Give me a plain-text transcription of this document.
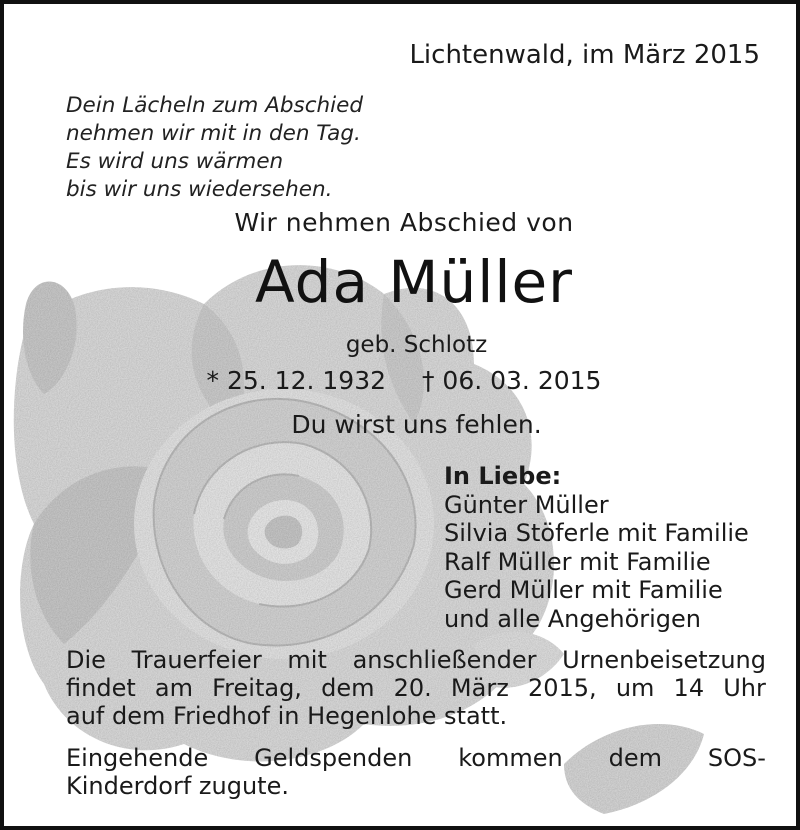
Lichtenwald, im März 2015
Dein Lächeln zum Abschied
nehmen wir mit in den Tag.
Es wird uns wärmen
bis wir uns wiedersehen.
Wir nehmen Abschied von
Ada Müller
geb. Schlotz
* 25. 12. 1932 † 06. 03. 2015
Du wirst uns fehlen.
In Liebe:
Günter Müller
Silvia Stöferle mit Familie
Ralf Müller mit Familie
Gerd Müller mit Familie
und alle Angehörigen
Die Trauerfeier mit anschließender Urnenbeisetzung
findet am Freitag, dem 20. März 2015, um 14 Uhr
auf dem Friedhof in Hegenlohe statt.
Eingehende Geldspenden kommen dem SOS-
Kinderdorf zugute.
